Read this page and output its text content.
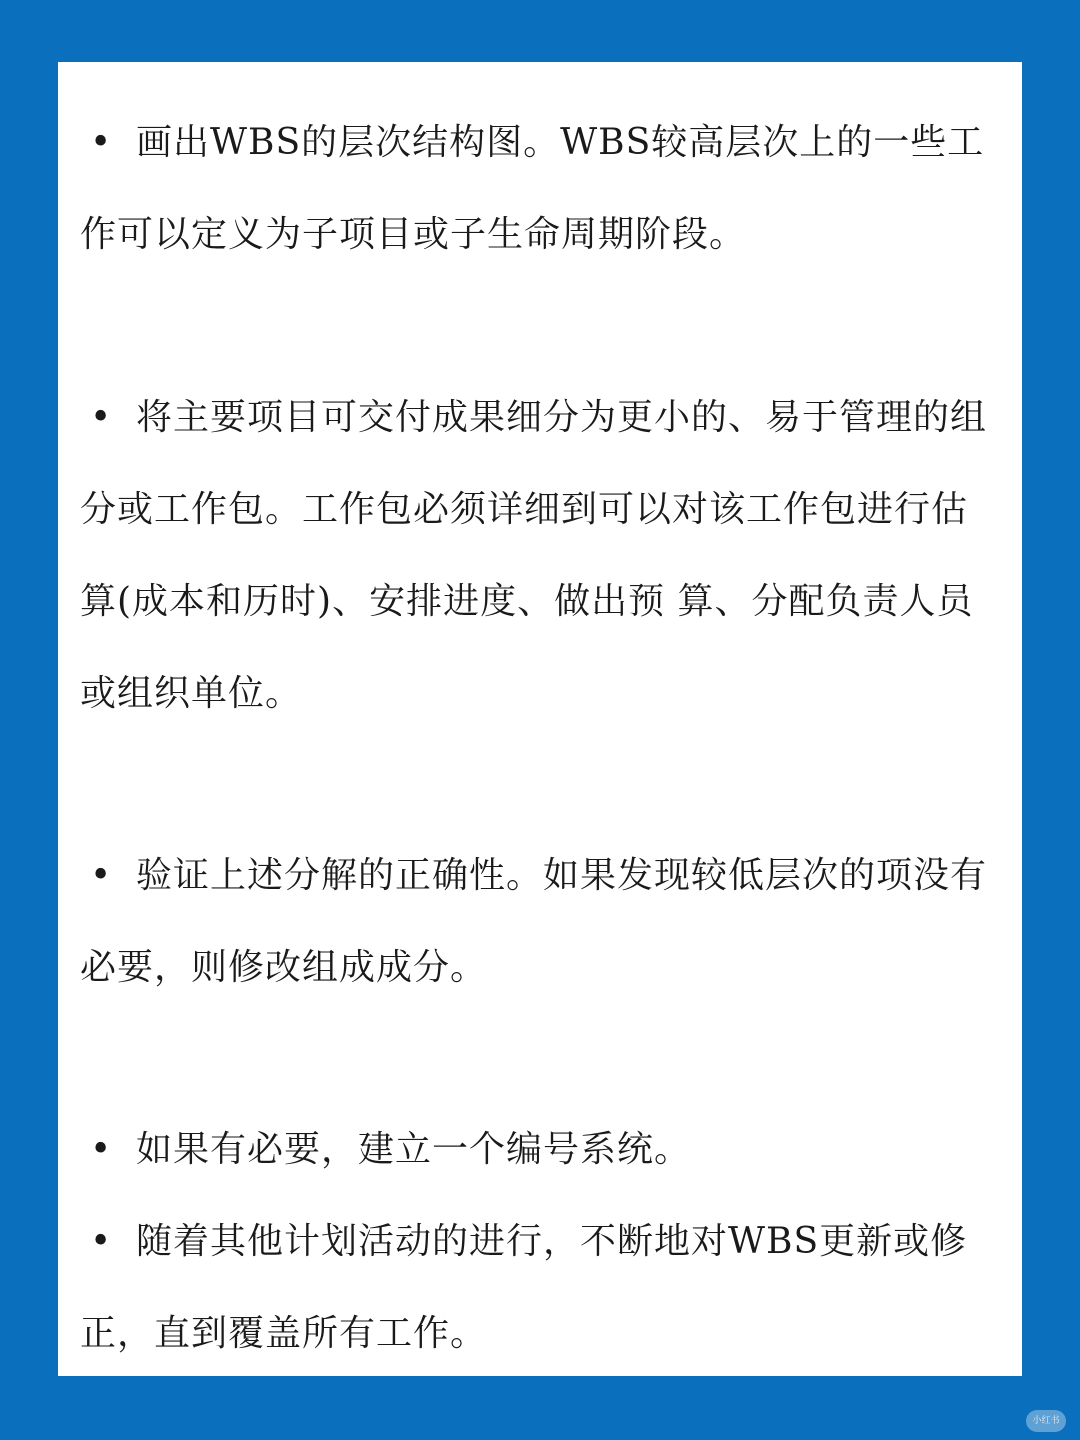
• 画出WBS的层次结构图。WBS较高层次上的一些工作可以定义为子项目或子生命周期阶段。

• 将主要项目可交付成果细分为更小的、易于管理的组分或工作包。工作包必须详细到可以对该工作包进行估算(成本和历时)、安排进度、做出预 算、分配负责人员或组织单位。

• 验证上述分解的正确性。如果发现较低层次的项没有必要，则修改组成成分。

• 如果有必要，建立一个编号系统。

• 随着其他计划活动的进行，不断地对WBS更新或修正，直到覆盖所有工作。

小红书
